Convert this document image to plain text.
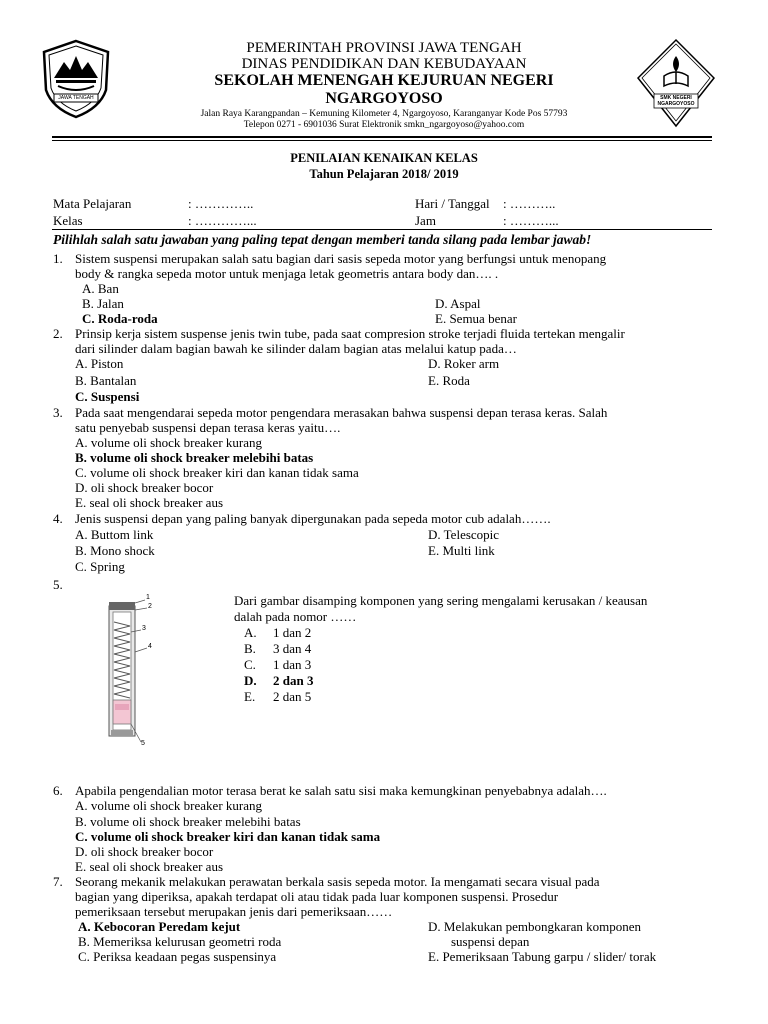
JAWA TENGAH
PEMERINTAH PROVINSI JAWA TENGAH
DINAS PENDIDIKAN DAN KEBUDAYAAN
SEKOLAH MENENGAH KEJURUAN NEGERI
NGARGOYOSO
Jalan Raya Karangpandan – Kemuning Kilometer 4, Ngargoyoso, Karanganyar Kode Pos 57793
Telepon 0271 - 6901036 Surat Elektronik smkn_ngargoyoso@yahoo.com
SMK NEGERI
NGARGOYOSO
PENILAIAN KENAIKAN KELAS
Tahun Pelajaran 2018/ 2019
Mata Pelajaran	: …………..	Hari / Tanggal : ………..
Kelas	: …………...	Jam	: ………...
Pilihlah salah satu jawaban yang paling tepat dengan memberi tanda silang pada lembar jawab!
1. Sistem suspensi merupakan salah satu bagian dari sasis sepeda motor yang berfungsi untuk menopang
body & rangka sepeda motor untuk menjaga letak geometris antara body dan…. .
A. Ban
B. Jalan
C. Roda-roda
D. Aspal
E. Semua benar
2. Prinsip kerja sistem suspense jenis twin tube, pada saat compresion stroke terjadi fluida tertekan mengalir
dari silinder dalam bagian bawah ke silinder dalam bagian atas melalui katup pada…
A. Piston
B. Bantalan
C. Suspensi
D. Roker arm
E. Roda
3. Pada saat mengendarai sepeda motor pengendara merasakan bahwa suspensi depan terasa keras. Salah
satu penyebab suspensi depan terasa keras yaitu….
A. volume oli shock breaker kurang
B. volume oli shock breaker melebihi batas
C. volume oli shock breaker kiri dan kanan tidak sama
D. oli shock breaker bocor
E. seal oli shock breaker aus
4. Jenis suspensi depan yang paling banyak dipergunakan pada sepeda motor cub adalah…….
A. Buttom link
B. Mono shock
C. Spring
D. Telescopic
E. Multi link
5.
1
2
3
4
5
Dari gambar disamping komponen yang sering mengalami kerusakan / keausan
dalah pada nomor ……
A. 1 dan 2
B. 3 dan 4
C. 1 dan 3
D. 2 dan 3
E. 2 dan 5
6. Apabila pengendalian motor terasa berat ke salah satu sisi maka kemungkinan penyebabnya adalah….
A. volume oli shock breaker kurang
B. volume oli shock breaker melebihi batas
C. volume oli shock breaker kiri dan kanan tidak sama
D. oli shock breaker bocor
E. seal oli shock breaker aus
7. Seorang mekanik melakukan perawatan berkala sasis sepeda motor. Ia mengamati secara visual pada
bagian yang diperiksa, apakah terdapat oli atau tidak pada luar komponen suspensi. Prosedur
pemeriksaan tersebut merupakan jenis dari pemeriksaan……
A. Kebocoran Peredam kejut
B. Memeriksa kelurusan geometri roda
C. Periksa keadaan pegas suspensinya
D. Melakukan pembongkaran komponen
suspensi depan
E. Pemeriksaan Tabung garpu / slider/ torak
